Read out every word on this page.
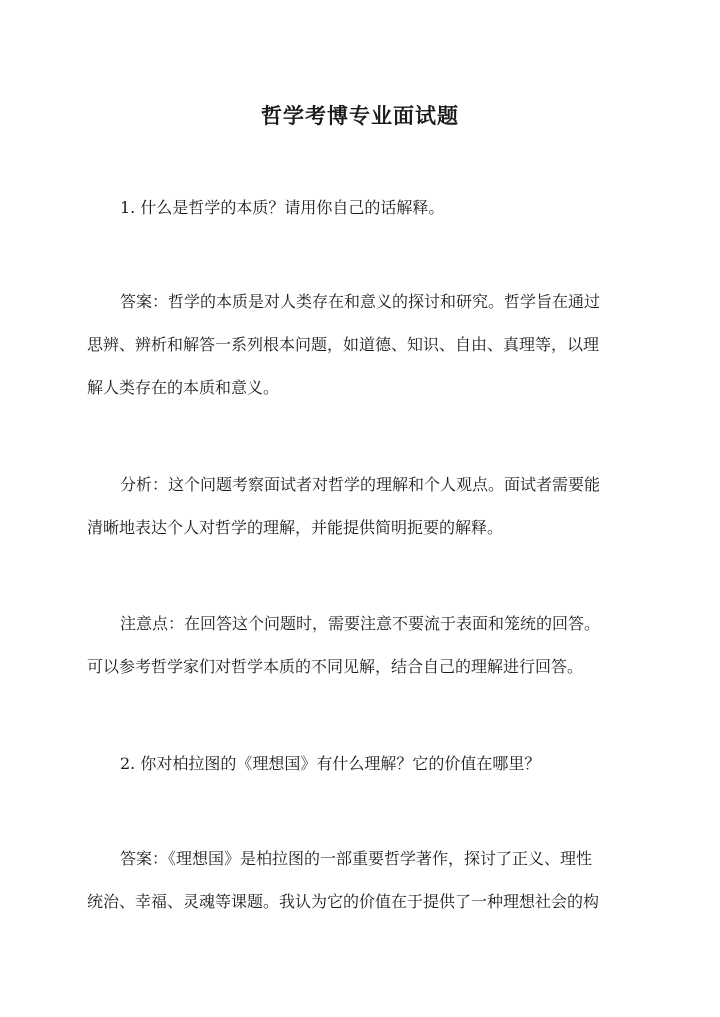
哲学考博专业面试题

1. 什么是哲学的本质？请用你自己的话解释。

答案：哲学的本质是对人类存在和意义的探讨和研究。哲学旨在通过
思辨、辨析和解答一系列根本问题，如道德、知识、自由、真理等，以理
解人类存在的本质和意义。

分析：这个问题考察面试者对哲学的理解和个人观点。面试者需要能
清晰地表达个人对哲学的理解，并能提供简明扼要的解释。

注意点：在回答这个问题时，需要注意不要流于表面和笼统的回答。
可以参考哲学家们对哲学本质的不同见解，结合自己的理解进行回答。

2. 你对柏拉图的《理想国》有什么理解？它的价值在哪里？

答案：《理想国》是柏拉图的一部重要哲学著作，探讨了正义、理性
统治、幸福、灵魂等课题。我认为它的价值在于提供了一种理想社会的构
